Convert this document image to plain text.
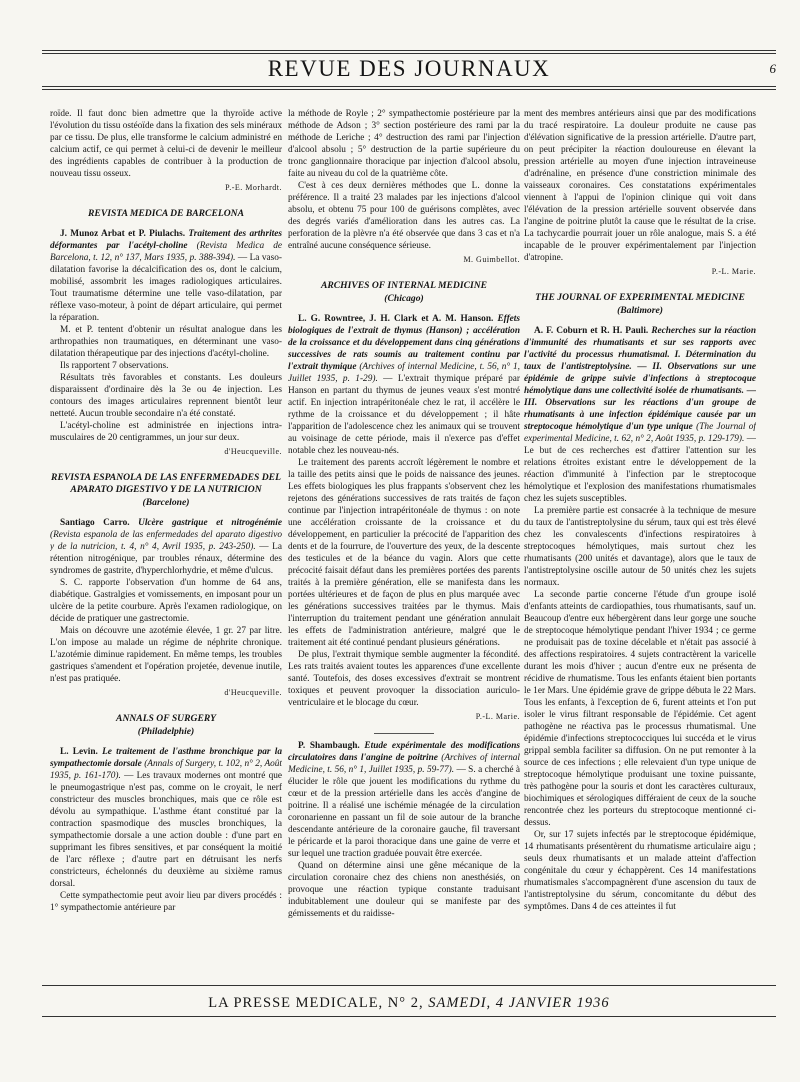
REVUE DES JOURNAUX	6

roïde. Il faut donc bien admettre que la thyroïde active l'évolution du tissu ostéoïde dans la fixation des sels minéraux par ce tissu. De plus, elle transforme le calcium administré en calcium actif, ce qui permet à celui-ci de devenir le meilleur des ingrédients capables de contribuer à la production de nouveau tissu osseux.

P.-E. Morhardt.
REVISTA MEDICA DE BARCELONA

J. Munoz Arbat et P. Piulachs. Traitement des arthrites déformantes par l'acétyl-choline (Revista Medica de Barcelona, t. 12, n° 137, Mars 1935, p. 388-394). — La vaso-dilatation favorise la décalcification des os, dont le calcium, mobilisé, assombrit les images radiologiques articulaires. Tout traumatisme détermine une telle vaso-dilatation, par réflexe vaso-moteur, à point de départ articulaire, qui permet la réparation.

M. et P. tentent d'obtenir un résultat analogue dans les arthropathies non traumatiques, en déterminant une vaso-dilatation thérapeutique par des injections d'acétyl-choline.

Ils rapportent 7 observations.

Résultats très favorables et constants. Les douleurs disparaissent d'ordinaire dès la 3e ou 4e injection. Les contours des images articulaires reprennent bientôt leur netteté. Aucun trouble secondaire n'a été constaté.

L'acétyl-choline est administrée en injections intra-musculaires de 20 centigrammes, un jour sur deux.

d'Heucqueville.
REVISTA ESPANOLA DE LAS ENFERMEDADES DEL APARATO DIGESTIVO Y DE LA NUTRICION
(Barcelone)

Santiago Carro. Ulcère gastrique et nitrogénémie (Revista espanola de las enfermedades del aparato digestivo y de la nutricion, t. 4, n° 4, Avril 1935, p. 243-250). — La rétention nitrogénique, par troubles rénaux, détermine des syndromes de gastrite, d'hyperchlorhydrie, et même d'ulcus.

S. C. rapporte l'observation d'un homme de 64 ans, diabétique. Gastralgies et vomissements, en imposant pour un ulcère de la petite courbure. Après l'examen radiologique, on décide de pratiquer une gastrectomie.

Mais on découvre une azotémie élevée, 1 gr. 27 par litre. L'on impose au malade un régime de néphrite chronique. L'azotémie diminue rapidement. En même temps, les troubles gastriques s'amendent et l'opération projetée, devenue inutile, n'est pas pratiquée.

d'Heucqueville.
ANNALS OF SURGERY
(Philadelphie)

L. Levin. Le traitement de l'asthme bronchique par la sympathectomie dorsale (Annals of Surgery, t. 102, n° 2, Août 1935, p. 161-170). — Les travaux modernes ont montré que le pneumogastrique n'est pas, comme on le croyait, le nerf constricteur des muscles bronchiques, mais que ce rôle est dévolu au sympathique. L'asthme étant constitué par la contraction spasmodique des muscles bronchiques, la sympathectomie dorsale a une action double : d'une part en supprimant les fibres sensitives, et par conséquent la moitié de l'arc réflexe ; d'autre part en détruisant les nerfs constricteurs, échelonnés du deuxième au sixième ramus dorsal.

Cette sympathectomie peut avoir lieu par divers procédés : 1° sympathectomie antérieure par

la méthode de Royle ; 2° sympathectomie postérieure par la méthode de Adson ; 3° section postérieure des rami par la méthode de Leriche ; 4° destruction des rami par l'injection d'alcool absolu ; 5° destruction de la partie supérieure du tronc ganglionnaire thoracique par injection d'alcool absolu, faite au niveau du col de la quatrième côte.

C'est à ces deux dernières méthodes que L. donne la préférence. Il a traité 23 malades par les injections d'alcool absolu, et obtenu 75 pour 100 de guérisons complètes, avec des degrés variés d'amélioration dans les autres cas. La perforation de la plèvre n'a été observée que dans 3 cas et n'a entraîné aucune conséquence sérieuse.

M. Guimbellot.
ARCHIVES OF INTERNAL MEDICINE
(Chicago)

L. G. Rowntree, J. H. Clark et A. M. Hanson. Effets biologiques de l'extrait de thymus (Hanson) ; accélération de la croissance et du développement dans cinq générations successives de rats soumis au traitement continu par l'extrait thymique (Archives of internal Medicine, t. 56, n° 1, Juillet 1935, p. 1-29). — L'extrait thymique préparé par Hanson en partant du thymus de jeunes veaux s'est montré actif. En injection intrapéritonéale chez le rat, il accélère le rythme de la croissance et du développement ; il hâte l'apparition de l'adolescence chez les animaux qui se trouvent au voisinage de cette période, mais il n'exerce pas d'effet notable chez les nouveau-nés.

Le traitement des parents accroît légèrement le nombre et la taille des petits ainsi que le poids de naissance des jeunes. Les effets biologiques les plus frappants s'observent chez les rejetons des générations successives de rats traités de façon continue par l'injection intrapéritonéale de thymus : on note une accélération croissante de la croissance et du développement, en particulier la précocité de l'apparition des dents et de la fourrure, de l'ouverture des yeux, de la descente des testicules et de la béance du vagin. Alors que cette précocité faisait défaut dans les premières portées des parents traités à la première génération, elle se manifesta dans les portées ultérieures et de façon de plus en plus marquée avec les générations successives traitées par le thymus. Mais l'interruption du traitement pendant une génération annulait les effets de l'administration antérieure, malgré que le traitement ait été continué pendant plusieurs générations.

De plus, l'extrait thymique semble augmenter la fécondité. Les rats traités avaient toutes les apparences d'une excellente santé. Toutefois, des doses excessives d'extrait se montrent toxiques et peuvent provoquer la dissociation auriculo-ventriculaire et le blocage du cœur.

P.-L. Marie.

P. Shambaugh. Etude expérimentale des modifications circulatoires dans l'angine de poitrine (Archives of internal Medicine, t. 56, n° 1, Juillet 1935, p. 59-77). — S. a cherché à élucider le rôle que jouent les modifications du rythme du cœur et de la pression artérielle dans les accès d'angine de poitrine. Il a réalisé une ischémie ménagée de la circulation coronarienne en passant un fil de soie autour de la branche descendante antérieure de la coronaire gauche, fil traversant le péricarde et la paroi thoracique dans une gaine de verre et sur lequel une traction graduée pouvait être exercée.

Quand on détermine ainsi une gêne mécanique de la circulation coronaire chez des chiens non anesthésiés, on provoque une réaction typique constante traduisant indubitablement une douleur qui se manifeste par des gémissements et du raidisse-

ment des membres antérieurs ainsi que par des modifications du tracé respiratoire. La douleur produite ne cause pas d'élévation significative de la pression artérielle. D'autre part, on peut précipiter la réaction douloureuse en élevant la pression artérielle au moyen d'une injection intraveineuse d'adrénaline, en présence d'une constriction minimale des vaisseaux coronaires. Ces constatations expérimentales viennent à l'appui de l'opinion clinique qui voit dans l'élévation de la pression artérielle souvent observée dans l'angine de poitrine plutôt la cause que le résultat de la crise. La tachycardie pourrait jouer un rôle analogue, mais S. a été incapable de le prouver expérimentalement par l'injection d'atropine.

P.-L. Marie.
THE JOURNAL OF EXPERIMENTAL MEDICINE
(Baltimore)

A. F. Coburn et R. H. Pauli. Recherches sur la réaction d'immunité des rhumatisants et sur ses rapports avec l'activité du processus rhumatismal. I. Détermination du taux de l'antistreptolysine. — II. Observations sur une épidémie de grippe suivie d'infections à streptocoque hémolytique dans une collectivité isolée de rhumatisants. — III. Observations sur les réactions d'un groupe de rhumatisants à une infection épidémique causée par un streptocoque hémolytique d'un type unique (The Journal of experimental Medicine, t. 62, n° 2, Août 1935, p. 129-179). — Le but de ces recherches est d'attirer l'attention sur les relations étroites existant entre le développement de la réaction d'immunité à l'infection par le streptocoque hémolytique et l'explosion des manifestations rhumatismales chez les sujets susceptibles.

La première partie est consacrée à la technique de mesure du taux de l'antistreptolysine du sérum, taux qui est très élevé chez les convalescents d'infections respiratoires à streptocoques hémolytiques, mais surtout chez les rhumatisants (200 unités et davantage), alors que le taux de l'antistreptolysine oscille autour de 50 unités chez les sujets normaux.

La seconde partie concerne l'étude d'un groupe isolé d'enfants atteints de cardiopathies, tous rhumatisants, sauf un. Beaucoup d'entre eux hébergèrent dans leur gorge une souche de streptocoque hémolytique pendant l'hiver 1934 ; ce germe ne produisait pas de toxine décelable et n'était pas associé à des affections respiratoires. 4 sujets contractèrent la varicelle durant les mois d'hiver ; aucun d'entre eux ne présenta de récidive de rhumatisme. Tous les enfants étaient bien portants le 1er Mars. Une épidémie grave de grippe débuta le 22 Mars. Tous les enfants, à l'exception de 6, furent atteints et l'on put isoler le virus filtrant responsable de l'épidémie. Cet agent pathogène ne réactiva pas le processus rhumatismal. Une épidémie d'infections streptococciques lui succéda et le virus grippal sembla faciliter sa diffusion. On ne put remonter à la source de ces infections ; elle relevaient d'un type unique de streptocoque hémolytique produisant une toxine puissante, très pathogène pour la souris et dont les caractères culturaux, biochimiques et sérologiques différaient de ceux de la souche rencontrée chez les porteurs du streptocoque mentionné ci-dessus.

Or, sur 17 sujets infectés par le streptocoque épidémique, 14 rhumatisants présentèrent du rhumatisme articulaire aigu ; seuls deux rhumatisants et un malade atteint d'affection congénitale du cœur y échappèrent. Ces 14 manifestations rhumatismales s'accompagnèrent d'une ascension du taux de l'antistreptolysine du sérum, concomitante du début des symptômes. Dans 4 de ces atteintes il fut

LA PRESSE MEDICALE, N° 2, SAMEDI, 4 JANVIER 1936
